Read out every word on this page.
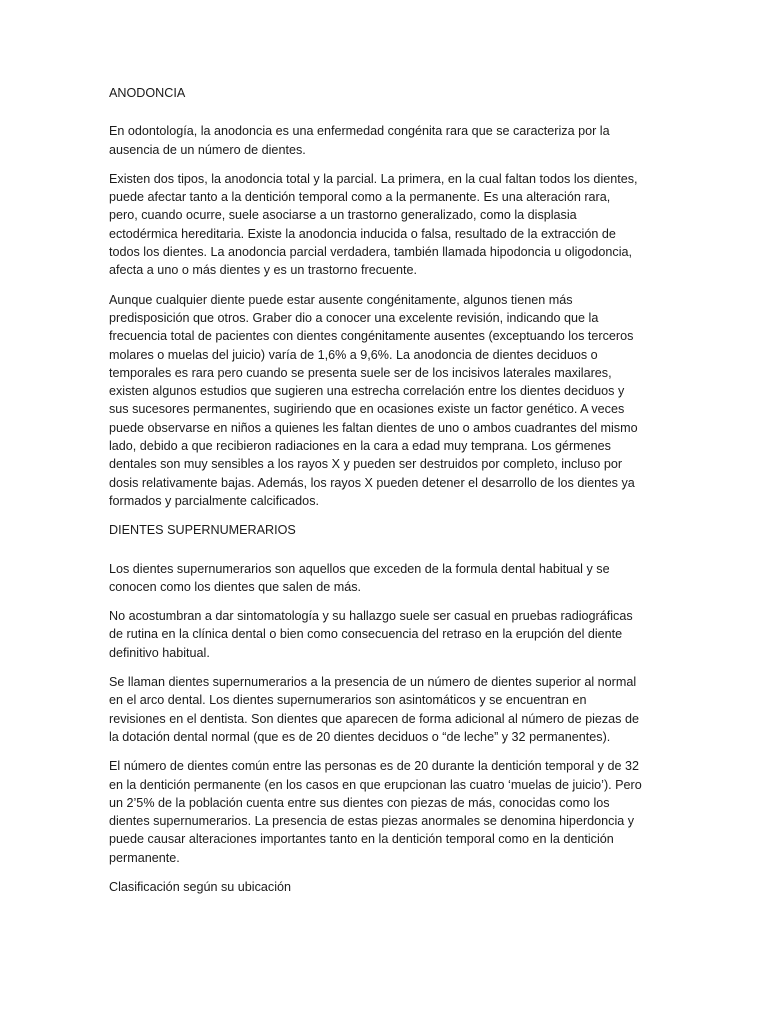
ANODONCIA
En odontología, la anodoncia es una enfermedad congénita rara que se caracteriza por la
ausencia de un número de dientes.
Existen dos tipos, la anodoncia total y la parcial. La primera, en la cual faltan todos los dientes,
puede afectar tanto a la dentición temporal como a la permanente. Es una alteración rara,
pero, cuando ocurre, suele asociarse a un trastorno generalizado, como la displasia
ectodérmica hereditaria. Existe la anodoncia inducida o falsa, resultado de la extracción de
todos los dientes. La anodoncia parcial verdadera, también llamada hipodoncia u oligodoncia,
afecta a uno o más dientes y es un trastorno frecuente.
Aunque cualquier diente puede estar ausente congénitamente, algunos tienen más
predisposición que otros. Graber dio a conocer una excelente revisión, indicando que la
frecuencia total de pacientes con dientes congénitamente ausentes (exceptuando los terceros
molares o muelas del juicio) varía de 1,6% a 9,6%. La anodoncia de dientes deciduos o
temporales es rara pero cuando se presenta suele ser de los incisivos laterales maxilares,
existen algunos estudios que sugieren una estrecha correlación entre los dientes deciduos y
sus sucesores permanentes, sugiriendo que en ocasiones existe un factor genético. A veces
puede observarse en niños a quienes les faltan dientes de uno o ambos cuadrantes del mismo
lado, debido a que recibieron radiaciones en la cara a edad muy temprana. Los gérmenes
dentales son muy sensibles a los rayos X y pueden ser destruidos por completo, incluso por
dosis relativamente bajas. Además, los rayos X pueden detener el desarrollo de los dientes ya
formados y parcialmente calcificados.
DIENTES SUPERNUMERARIOS
Los dientes supernumerarios son aquellos que exceden de la formula dental habitual y se
conocen como los dientes que salen de más.
No acostumbran a dar sintomatología y su hallazgo suele ser casual en pruebas radiográficas
de rutina en la clínica dental o bien como consecuencia del retraso en la erupción del diente
definitivo habitual.
Se llaman dientes supernumerarios a la presencia de un número de dientes superior al normal
en el arco dental. Los dientes supernumerarios son asintomáticos y se encuentran en
revisiones en el dentista. Son dientes que aparecen de forma adicional al número de piezas de
la dotación dental normal (que es de 20 dientes deciduos o “de leche” y 32 permanentes).
El número de dientes común entre las personas es de 20 durante la dentición temporal y de 32
en la dentición permanente (en los casos en que erupcionan las cuatro ‘muelas de juicio’). Pero
un 2’5% de la población cuenta entre sus dientes con piezas de más, conocidas como los
dientes supernumerarios. La presencia de estas piezas anormales se denomina hiperdoncia y
puede causar alteraciones importantes tanto en la dentición temporal como en la dentición
permanente.
Clasificación según su ubicación
